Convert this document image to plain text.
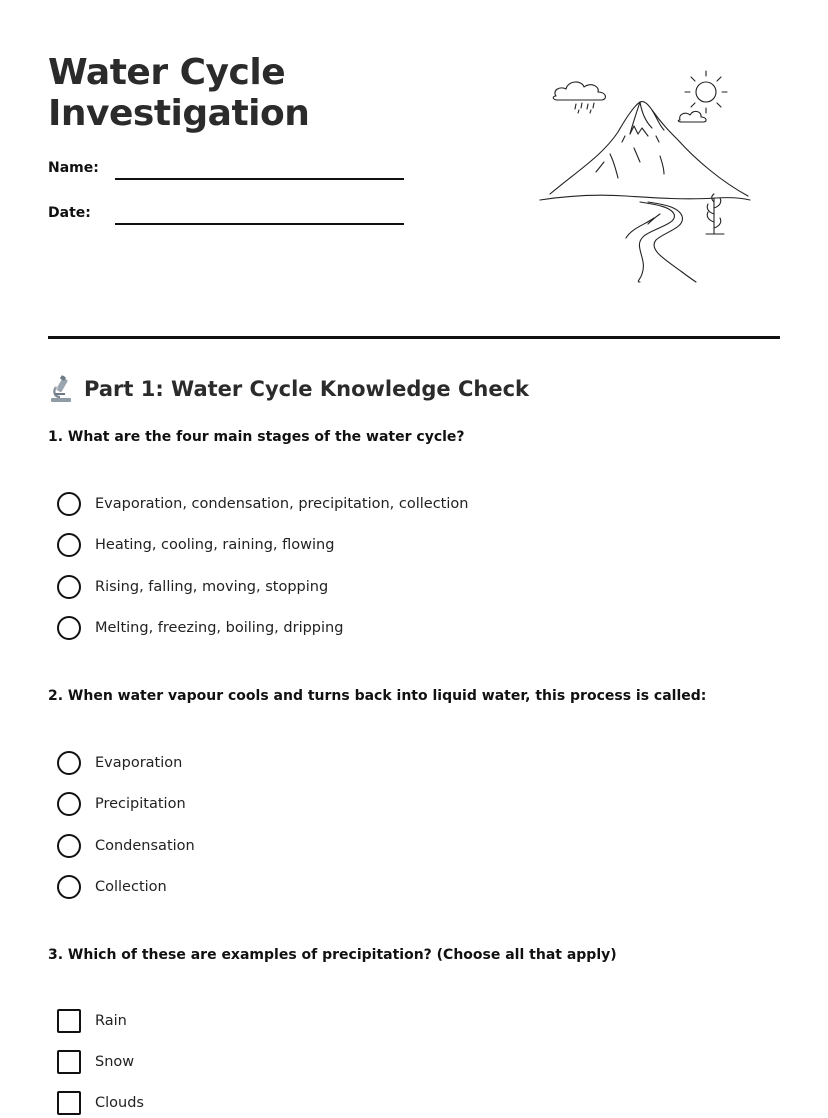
Water Cycle Investigation
Name:
Date:
Part 1: Water Cycle Knowledge Check
1. What are the four main stages of the water cycle?
Evaporation, condensation, precipitation, collection
Heating, cooling, raining, flowing
Rising, falling, moving, stopping
Melting, freezing, boiling, dripping
2. When water vapour cools and turns back into liquid water, this process is called:
Evaporation
Precipitation
Condensation
Collection
3. Which of these are examples of precipitation? (Choose all that apply)
Rain
Snow
Clouds
